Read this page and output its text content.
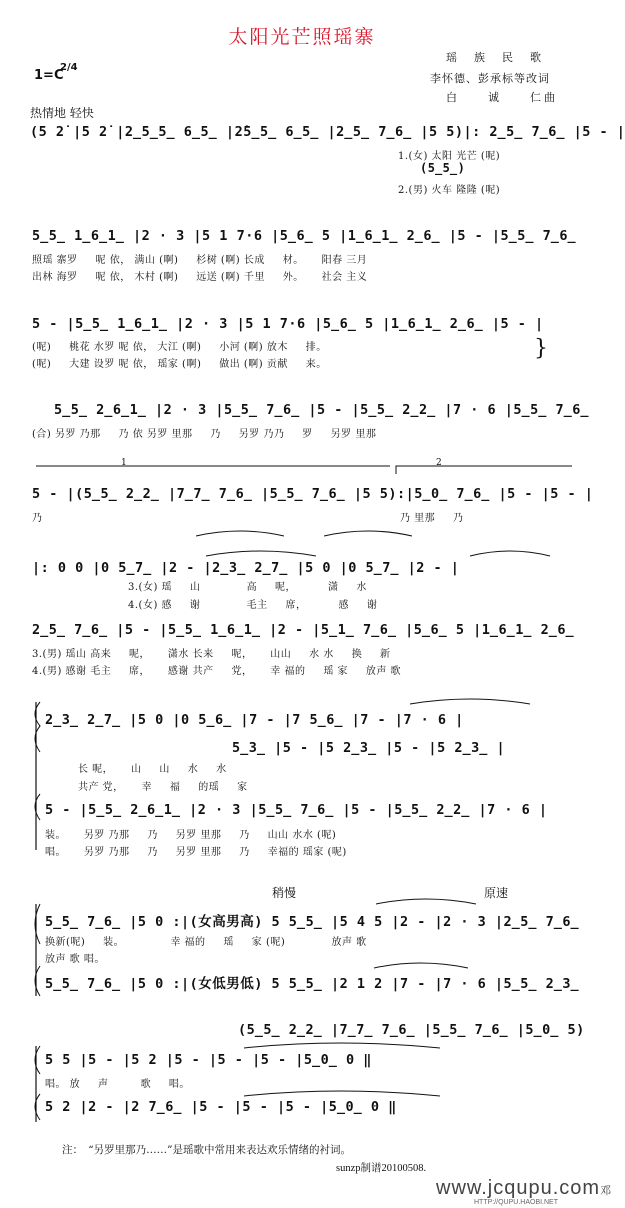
太阳光芒照瑶寨
瑶　族　民　歌
李怀德、彭承标等改词
白　　诚　　仁曲
1=C
2/4
热情地 轻快
(5 2̇ |5 2̇ |2̲5̲5̲ 6̲5̲ |2̇5̲5̲ 6̲5̲ |2̲5̲ 7̲6̲ |5 5)|: 2̲5̲ 7̲6̲ |5 - |
1.(女) 太阳 光芒 (呢)
(5̲5̲)
2.(男) 火车 隆隆 (呢)
5̲5̲ 1̲6̲1̲ |2 · 3 |5 1 7·6 |5̲6̲ 5 |1̲6̲1̲ 2̲6̲ |5 - |5̲5̲ 7̲6̲
照瑶 寨罗 　 呢 依， 满山 (啊) 　 杉树 (啊) 长成 　 材。 　 阳春 三月
出林 海罗 　 呢 依， 木村 (啊) 　 远送 (啊) 千里 　 外。 　 社会 主义
5 - |5̲5̲ 1̲6̲1̲ |2 · 3 |5 1 7·6 |5̲6̲ 5 |1̲6̲1̲ 2̲6̲ |5 - |
(呢) 　 桃花 水罗 呢 依， 大江 (啊) 　 小河 (啊) 放木 　 排。
(呢) 　 大建 设罗 呢 依， 瑶家 (啊) 　 做出 (啊) 贡献 　 来。
}
5̲5̲ 2̲6̲1̲ |2 · 3 |5̲5̲ 7̲6̲ |5 - |5̲5̲ 2̲2̲ |7 · 6 |5̲5̲ 7̲6̲
(合) 另罗 乃那 　 乃 依 另罗 里那 　 乃 　 另罗 乃乃 　 罗 　 另罗 里那
5 - |(5̲5̲ 2̲2̲ |7̲7̲ 7̲6̲ |5̲5̲ 7̲6̲ |5 5):|5̲0̲ 7̲6̲ |5 - |5 - |
乃	乃 里那 　 乃
1	2
|: 0 0 |0 5̲7̲ |2 - |2̲3̲ 2̲7̲ |5 0 |0 5̲7̲ |2 - |
3.(女) 瑶 　 山 　 　 　 高 　 呢， 　 　 潇 　 水
4.(女) 感 　 谢 　 　 　 毛主 　 席， 　 　 感 　 谢
2̲5̲ 7̲6̲ |5 - |5̲5̲ 1̲6̲1̲ |2 - |5̲1̲ 7̲6̲ |5̲6̲ 5 |1̲6̲1̲ 2̲6̲
3.(男) 瑶山 高来 　 呢， 　 潇水 长来 　 呢， 　 山山 　 水 水 　 换 　 新
4.(男) 感谢 毛主 　 席， 　 感谢 共产 　 党， 　 幸 福的 　 瑶 家 　 放声 歌
2̲3̲ 2̲7̲ |5 0 |0 5̲6̲ |7 - |7 5̲6̲ |7 - |7 · 6 |
5̲3̲ |5 - |5 2̲3̲ |5 - |5 2̲3̲ |
长 呢， 　 山 　 山 　 水 　 水
共产 党， 　 幸 　 福 　 的瑶 　 家
5 - |5̲5̲ 2̲6̲1̲ |2 · 3 |5̲5̲ 7̲6̲ |5 - |5̲5̲ 2̲2̲ |7 · 6 |
装。 　 另罗 乃那 　 乃 　 另罗 里那 　 乃 　 山山 水水 (呢)
唱。 　 另罗 乃那 　 乃 　 另罗 里那 　 乃 　 幸福的 瑶家 (呢)
稍慢	原速
5̲5̲ 7̲6̲ |5 0 :|(女高男高) 5 5̲5̲ |5 4 5 |2 - |2 · 3 |2̲5̲ 7̲6̲
换新(呢) 　 装。 　 　 　 幸 福的 　 瑶 　 家 (呢) 　 　 　 放声 歌
放声 歌 唱。
5̲5̲ 7̲6̲ |5 0 :|(女低男低) 5 5̲5̲ |2 1 2 |7 - |7 · 6 |5̲5̲ 2̲3̲
(5̲5̲ 2̲2̲ |7̲7̲ 7̲6̲ |5̲5̲ 7̲6̲ |5̲0̲ 5)
5 5 |5 - |5 2 |5 - |5 - |5 - |5̲0̲ 0 ‖
唱。 放 　 声 　 　 歌 　 唱。
5 2 |2 - |2 7̲6̲ |5 - |5 - |5 - |5̲0̲ 0 ‖
注：　“另罗里那乃……”是瑶歌中常用来表达欢乐情绪的衬词。
sunzp制谱20100508.
www.jcqupu.com邓
HTTP://QUPU.HAOBI.NET
